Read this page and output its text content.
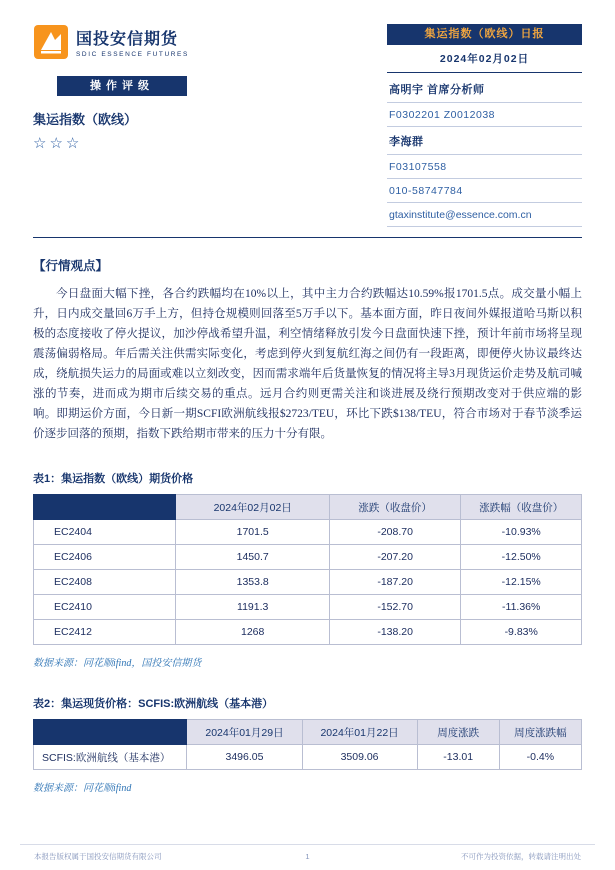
国投安信期货
SDIC ESSENCE FUTURES
操作评级
集运指数（欧线）
☆☆☆
集运指数（欧线）日报
2024年02月02日
高明宇 首席分析师
F0302201 Z0012038
李海群
F03107558
010-58747784
gtaxinstitute@essence.com.cn
【行情观点】

今日盘面大幅下挫，各合约跌幅均在10%以上，其中主力合约跌幅达10.59%报1701.5点。成交量小幅上升，日内成交量回6万手上方，但持仓规模则回落至5万手以下。基本面方面，昨日夜间外媒报道哈马斯以积极的态度接收了停火提议，加沙停战希望升温，利空情绪释放引发今日盘面快速下挫，预计年前市场将呈现震荡偏弱格局。年后需关注供需实际变化，考虑到停火到复航红海之间仍有一段距离，即便停火协议最终达成，绕航损失运力的局面或难以立刻改变，因而需求端年后货量恢复的情况将主导3月现货运价走势及航司喊涨的节奏，进而成为期市后续交易的重点。远月合约则更需关注和谈进展及绕行预期改变对于供应端的影响。即期运价方面，今日新一期SCFI欧洲航线报$2723/TEU，环比下跌$138/TEU，符合市场对于春节淡季运价逐步回落的预期，指数下跌给期市带来的压力十分有限。

表1：集运指数（欧线）期货价格
	2024年02月02日	涨跌（收盘价）	涨跌幅（收盘价）
EC2404	1701.5	-208.70	-10.93%
EC2406	1450.7	-207.20	-12.50%
EC2408	1353.8	-187.20	-12.15%
EC2410	1191.3	-152.70	-11.36%
EC2412	1268	-138.20	-9.83%
数据来源：同花顺ifind，国投安信期货
表2：集运现货价格：SCFIS:欧洲航线（基本港）
	2024年01月29日	2024年01月22日	周度涨跌	周度涨跌幅
SCFIS:欧洲航线（基本港）	3496.05	3509.06	-13.01	-0.4%
数据来源：同花顺ifind
本报告版权属于国投安信期货有限公司	1	不可作为投资依据，转载请注明出处
